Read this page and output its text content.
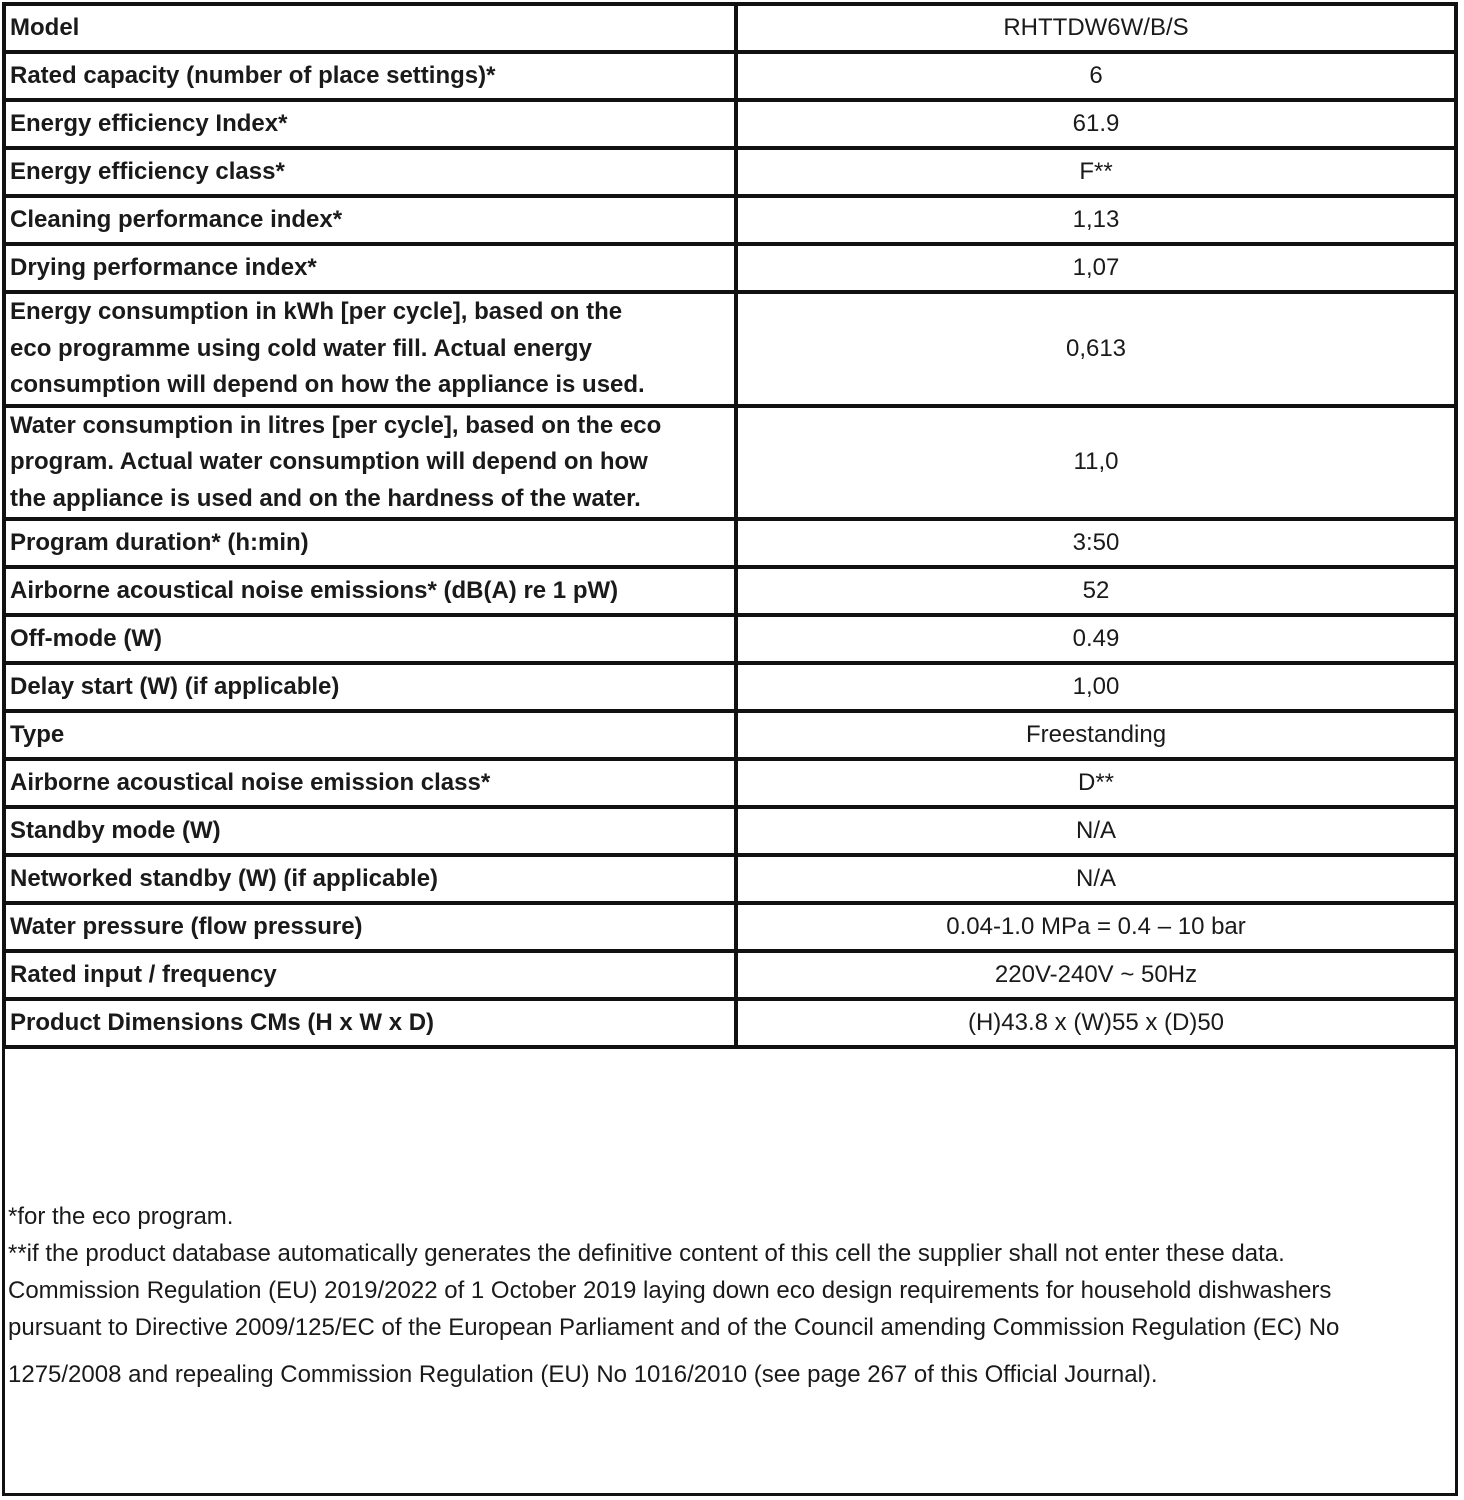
Model	RHTTDW6W/B/S
Rated capacity (number of place settings)*	6
Energy efficiency Index*	61.9
Energy efficiency class*	F**
Cleaning performance index*	1,13
Drying performance index*	1,07

Energy consumption in kWh [per cycle], based on the
eco programme using cold water fill. Actual energy
consumption will depend on how the appliance is used.	0,613

Water consumption in litres [per cycle], based on the eco
program. Actual water consumption will depend on how
the appliance is used and on the hardness of the water.	11,0
Program duration* (h:min)	3:50
Airborne acoustical noise emissions* (dB(A) re 1 pW)	52
Off-mode (W)	0.49
Delay start (W) (if applicable)	1,00
Type	Freestanding
Airborne acoustical noise emission class*	D**
Standby mode (W)	N/A
Networked standby (W) (if applicable)	N/A
Water pressure (flow pressure)	0.04-1.0 MPa = 0.4 – 10 bar
Rated input / frequency	220V-240V ~ 50Hz
Product Dimensions CMs (H x W x D)	(H)43.8 x (W)55 x (D)50
*for the eco program.
**if the product database automatically generates the definitive content of this cell the supplier shall not enter these data.
Commission Regulation (EU) 2019/2022 of 1 October 2019 laying down eco design requirements for household dishwashers
pursuant to Directive 2009/125/EC of the European Parliament and of the Council amending Commission Regulation (EC) No
1275/2008 and repealing Commission Regulation (EU) No 1016/2010 (see page 267 of this Official Journal).
